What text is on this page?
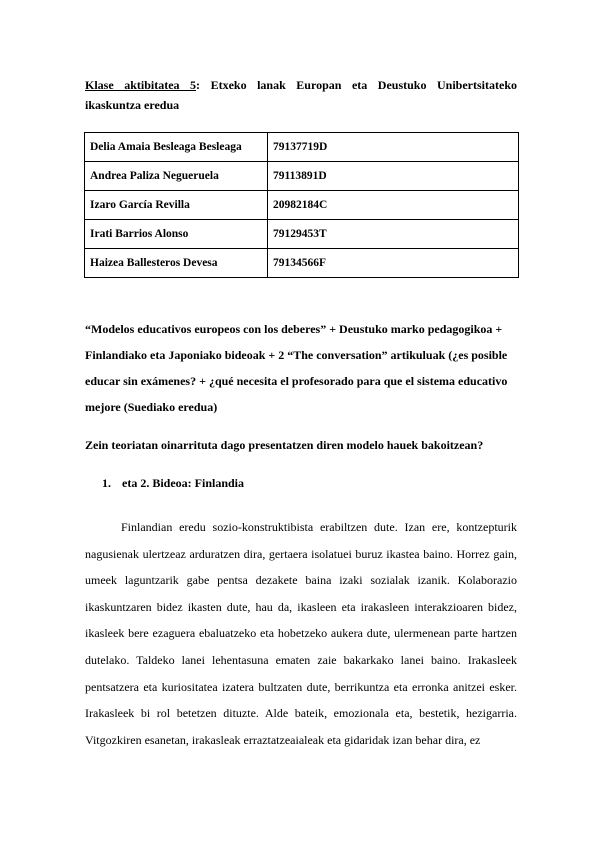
Klase aktibitatea 5: Etxeko lanak Europan eta Deustuko Unibertsitateko
ikaskuntza eredua
Delia Amaia Besleaga Besleaga	79137719D
Andrea Paliza Negueruela	79113891D
Izaro García Revilla	20982184C
Irati Barrios Alonso	79129453T
Haizea Ballesteros Devesa	79134566F
“Modelos educativos europeos con los deberes” + Deustuko marko pedagogikoa + Finlandiako eta Japoniako bideoak + 2 “The conversation” artikuluak (¿es posible educar sin exámenes? + ¿qué necesita el profesorado para que el sistema educativo mejore (Suediako eredua)
Zein teoriatan oinarrituta dago presentatzen diren modelo hauek bakoitzean?
1. eta 2. Bideoa: Finlandia

Finlandian eredu sozio-konstruktibista erabiltzen dute. Izan ere, kontzepturik nagusienak ulertzeaz arduratzen dira, gertaera isolatuei buruz ikastea baino. Horrez gain, umeek laguntzarik gabe pentsa dezakete baina izaki sozialak izanik. Kolaborazio ikaskuntzaren bidez ikasten dute, hau da, ikasleen eta irakasleen interakzioaren bidez, ikasleek bere ezaguera ebaluatzeko eta hobetzeko aukera dute, ulermenean parte hartzen dutelako. Taldeko lanei lehentasuna ematen zaie bakarkako lanei baino. Irakasleek pentsatzera eta kuriositatea izatera bultzaten dute, berrikuntza eta erronka anitzei esker. Irakasleek bi rol betetzen dituzte. Alde bateik, emozionala eta, bestetik, hezigarria. Vitgozkiren esanetan, irakasleak erraztatzeaialeak eta gidaridak izan behar dira, ez
